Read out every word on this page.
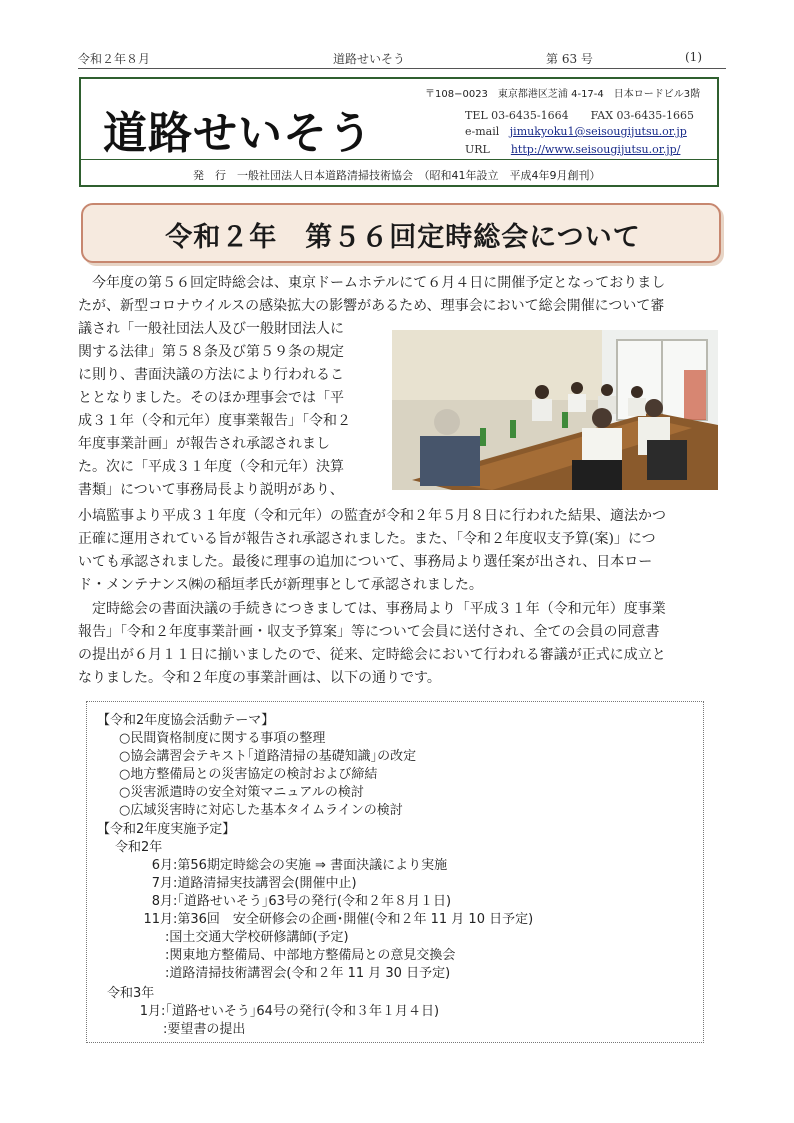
令和２年８月	道路せいそう	第 63 号	(1)
道路せいそう
〒108−0023　東京都港区芝浦 4-17-4　日本ロードビル3階
TEL 03-6435-1664　　FAX 03-6435-1665
e-mail jimukyoku1@seisougijutsu.or.jp
URL http://www.seisougijutsu.or.jp/
発　行　一般社団法人日本道路清掃技術協会　（昭和41年設立　平成4年9月創刊）
令和２年　第５６回定時総会について
　今年度の第５６回定時総会は、東京ドームホテルにて６月４日に開催予定となっておりまし
たが、新型コロナウイルスの感染拡大の影響があるため、理事会において総会開催について審
議され「一般社団法人及び一般財団法人に
関する法律」第５８条及び第５９条の規定
に則り、書面決議の方法により行われるこ
ととなりました。そのほか理事会では「平
成３１年（令和元年）度事業報告」「令和２
年度事業計画」が報告され承認されまし
た。次に「平成３１年度（令和元年）決算
書類」について事務局長より説明があり、
小塙監事より平成３１年度（令和元年）の監査が令和２年５月８日に行われた結果、適法かつ
正確に運用されている旨が報告され承認されました。また、「令和２年度収支予算(案)」につ
いても承認されました。最後に理事の追加について、事務局より選任案が出され、日本ロー
ド・メンテナンス㈱の稲垣孝氏が新理事として承認されました。
　定時総会の書面決議の手続きにつきましては、事務局より「平成３１年（令和元年）度事業
報告」「令和２年度事業計画・収支予算案」等について会員に送付され、全ての会員の同意書
の提出が６月１１日に揃いましたので、従来、定時総会において行われる審議が正式に成立と
なりました。令和２年度の事業計画は、以下の通りです。
【令和2年度協会活動テーマ】
○民間資格制度に関する事項の整理
○協会講習会テキスト｢道路清掃の基礎知識｣の改定
○地方整備局との災害協定の検討および締結
○災害派遣時の安全対策マニュアルの検討
○広域災害時に対応した基本タイムラインの検討
【令和2年度実施予定】
令和2年
6月 :第56期定時総会の実施 ⇒ 書面決議により実施
7月 :道路清掃実技講習会(開催中止)
8月 :｢道路せいそう｣63号の発行(令和２年８月１日)
11月 :第36回　安全研修会の企画･開催(令和２年 11 月 10 日予定)
:国土交通大学校研修講師(予定)
:関東地方整備局、中部地方整備局との意見交換会
:道路清掃技術講習会(令和２年 11 月 30 日予定)
令和3年
1月 :｢道路せいそう｣64号の発行(令和３年１月４日)
:要望書の提出
